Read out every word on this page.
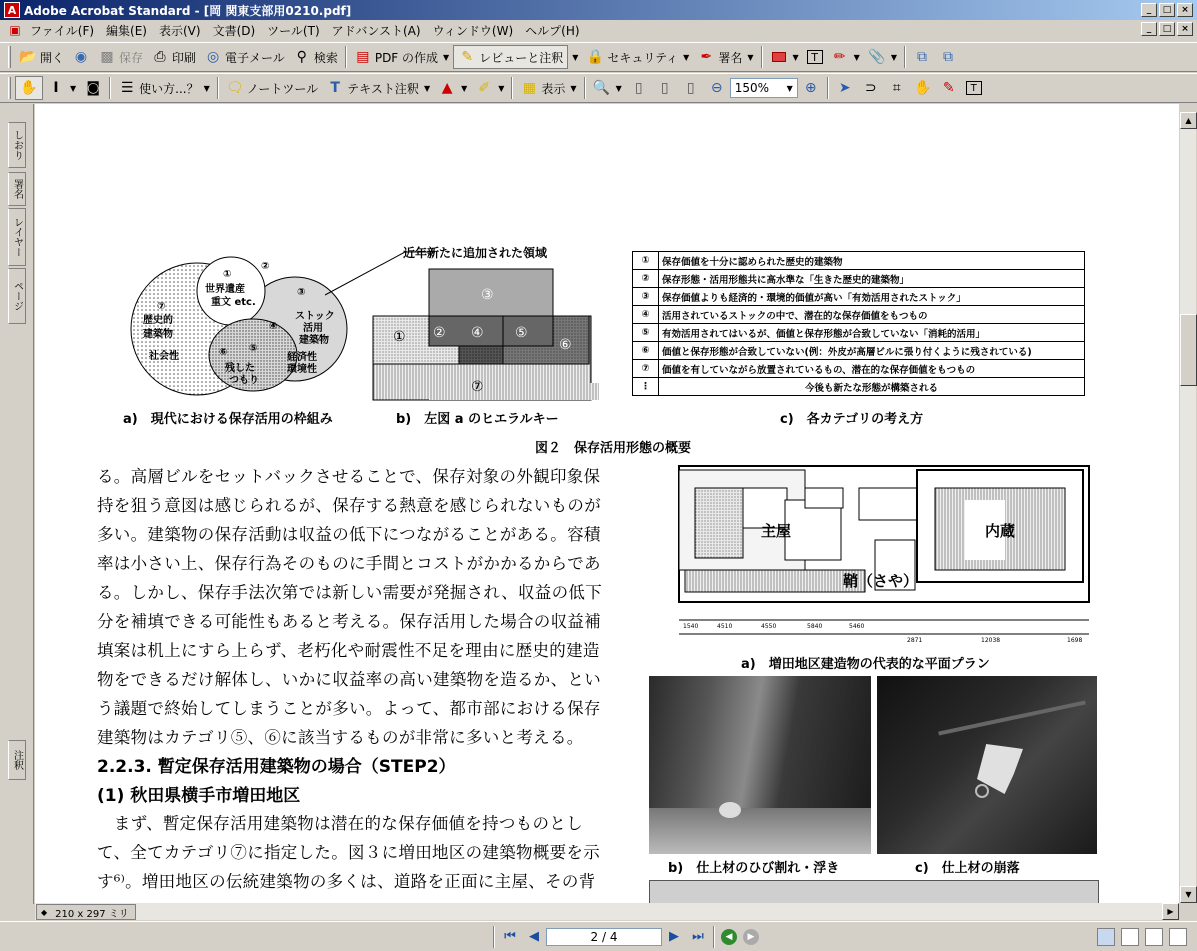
A Adobe Acrobat Standard - [岡 関東支部用0210.pdf]	_	□	×
▣ ファイル(F)	編集(E)	表示(V)	文書(D)	ツール(T)	アドバンスト(A)	ウィンドウ(W)	ヘルプ(H)	_	□	×
📂 開く ◉ ▩ 保存 ⎙ 印刷 ◎ 電子メール ⚲ 検索 ▤ PDF の作成 ▼ ✎ レビューと注釈 ▼ 🔒 セキュリティ ▼ ✒ 署名 ▼	▼	T	✏	▼ 📎 ▼ ⧉ ⧉
✋	I	▼ ◙ ☰ 使い方...？ ▼ 🗨 ノートツール T テキスト注釈 ▼ ▲	▼ ✐	▼ ▦ 表示 ▼ 🔍 ▼ ▯	▯	▯	⊖ 150%	▼ ⊕ ➤ ⊃	⌗ ✋ ✎	T
しおり
署名
レイヤー
ページ
注釈
①
世界遺産
重文 etc.
②
③
⑦
歴史的
建築物
社会性
ストック
活用
建築物
④
⑥ ⑤
残した
つもり
経済性
環境性
近年新たに追加された領域
③
① ② ④ ⑤
⑥
⑦
①	保存価値を十分に認められた歴史的建築物
②	保存形態・活用形態共に高水準な「生きた歴史的建築物」
③	保存価値よりも経済的・環境的価値が高い「有効活用されたストック」
④	活用されているストックの中で、潜在的な保存価値をもつもの
⑤	有効活用されてはいるが、価値と保存形態が合致していない「消耗的活用」
⑥	価値と保存形態が合致していない(例：外皮が高層ビルに張り付くように残されている)
⑦	価値を有していながら放置されているもの、潜在的な保存価値をもつもの
⋮	今後も新たな形態が構築される
a)　現代における保存活用の枠組み	b)　左図 a のヒエラルキー	c)　各カテゴリの考え方
図２　保存活用形態の概要
る。高層ビルをセットバックさせることで、保存対象の外観印象保
持を狙う意図は感じられるが、保存する熱意を感じられないものが
多い。建築物の保存活動は収益の低下につながることがある。容積
率は小さい上、保存行為そのものに手間とコストがかかるからであ
る。しかし、保存手法次第では新しい需要が発掘され、収益の低下
分を補填できる可能性もあると考える。保存活用した場合の収益補
填案は机上にすら上らず、老朽化や耐震性不足を理由に歴史的建造
物をできるだけ解体し、いかに収益率の高い建築物を造るか、とい
う議題で終始してしまうことが多い。よって、都市部における保存
建築物はカテゴリ⑤、⑥に該当するものが非常に多いと考える。
2.2.3. 暫定保存活用建築物の場合（STEP2）
(1) 秋田県横手市増田地区
　まず、暫定保存活用建築物は潜在的な保存価値を持つものとし
て、全てカテゴリ⑦に指定した。図３に増田地区の建築物概要を示
す⁶⁾。増田地区の伝統建築物の多くは、道路を正面に主屋、その背
主屋	内蔵
鞘（さや）
1540	4510	4550	5840	5460
2871	12038	1698
a)　増田地区建造物の代表的な平面プラン
b)　仕上材のひび割れ・浮き	c)　仕上材の崩落
▲
▼
▶
◆ 210 x 297 ミリ
⏮	◀	2 / 4	▶	⏭	◀	▶
